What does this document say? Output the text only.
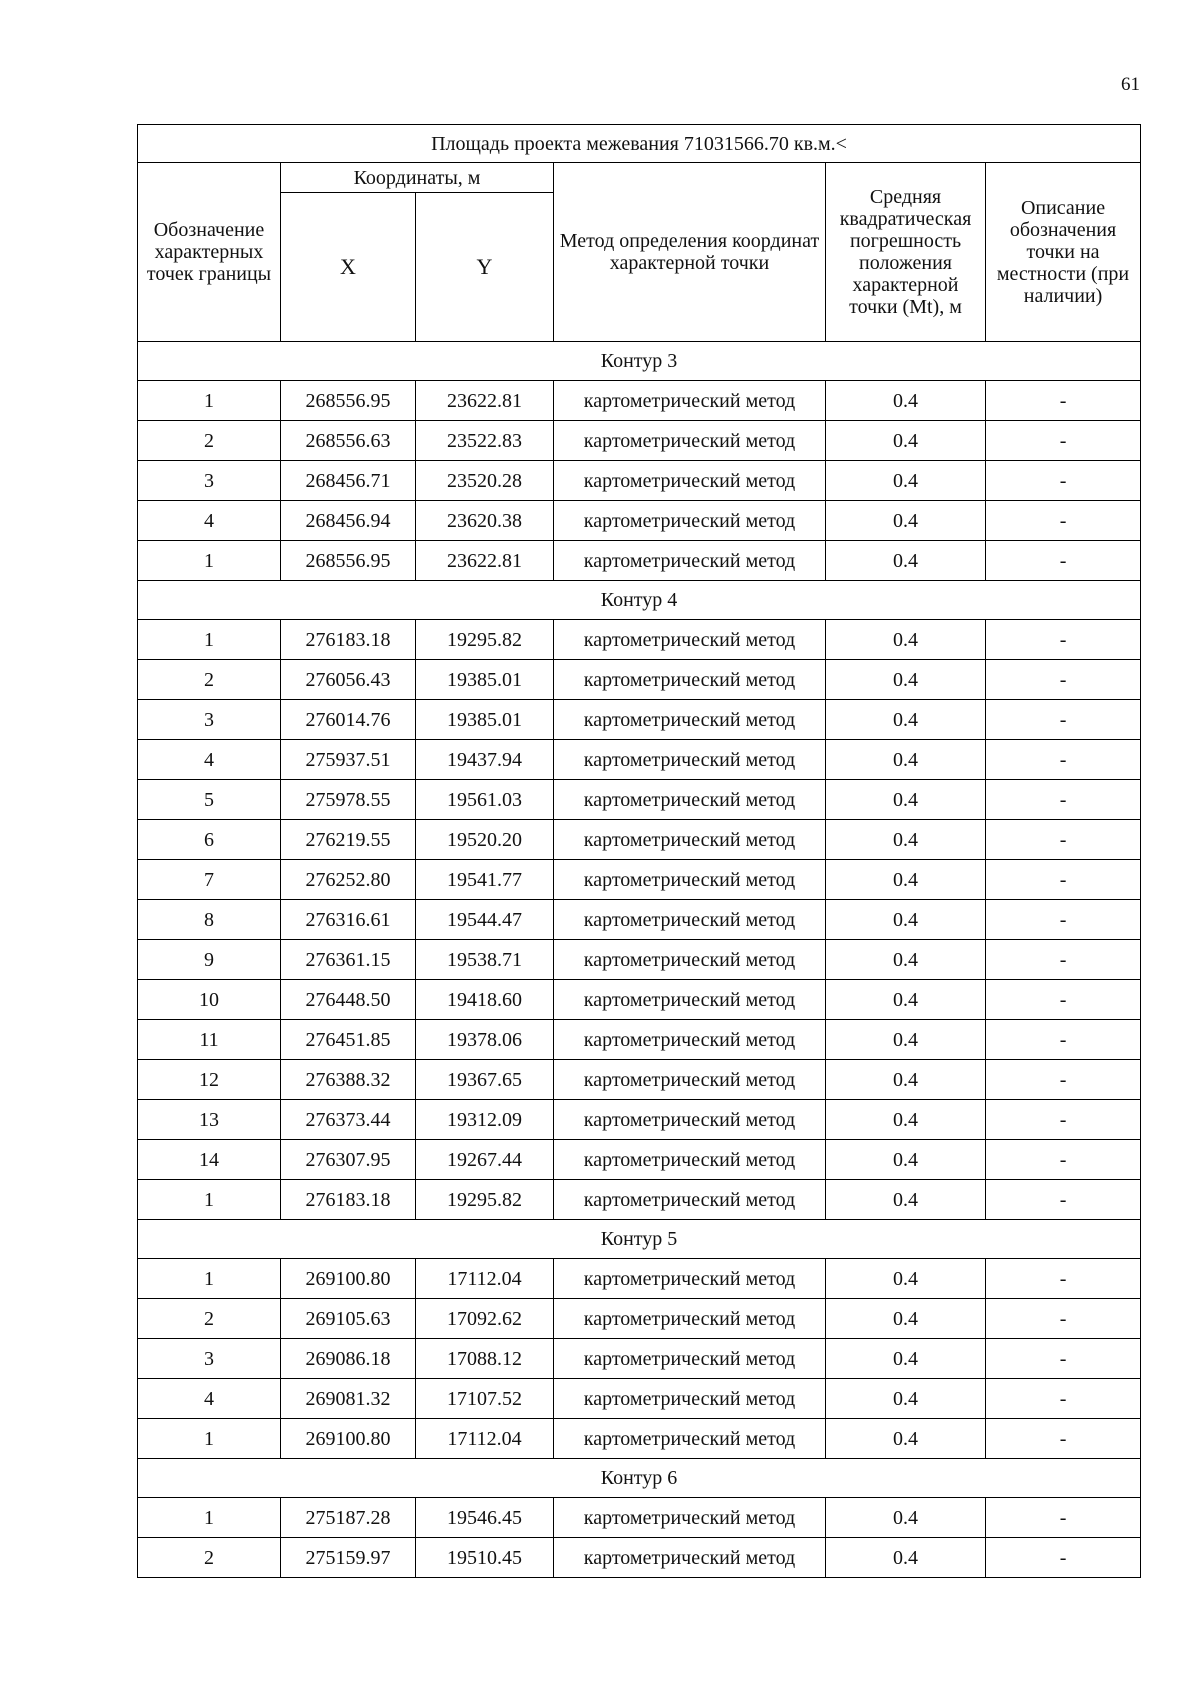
61
Площадь проекта межевания 71031566.70 кв.м.<					
Обозначение характерных точек границы	Координаты, м		Метод определения координат характерной точки	Средняя квадратическая погрешность положения характерной точки (Mt), м	Описание обозначения точки на местности (при наличии)
	X	Y			
Контур 3					
1	268556.95	23622.81	картометрический метод	0.4	-
2	268556.63	23522.83	картометрический метод	0.4	-
3	268456.71	23520.28	картометрический метод	0.4	-
4	268456.94	23620.38	картометрический метод	0.4	-
1	268556.95	23622.81	картометрический метод	0.4	-
Контур 4					
1	276183.18	19295.82	картометрический метод	0.4	-
2	276056.43	19385.01	картометрический метод	0.4	-
3	276014.76	19385.01	картометрический метод	0.4	-
4	275937.51	19437.94	картометрический метод	0.4	-
5	275978.55	19561.03	картометрический метод	0.4	-
6	276219.55	19520.20	картометрический метод	0.4	-
7	276252.80	19541.77	картометрический метод	0.4	-
8	276316.61	19544.47	картометрический метод	0.4	-
9	276361.15	19538.71	картометрический метод	0.4	-
10	276448.50	19418.60	картометрический метод	0.4	-
11	276451.85	19378.06	картометрический метод	0.4	-
12	276388.32	19367.65	картометрический метод	0.4	-
13	276373.44	19312.09	картометрический метод	0.4	-
14	276307.95	19267.44	картометрический метод	0.4	-
1	276183.18	19295.82	картометрический метод	0.4	-
Контур 5					
1	269100.80	17112.04	картометрический метод	0.4	-
2	269105.63	17092.62	картометрический метод	0.4	-
3	269086.18	17088.12	картометрический метод	0.4	-
4	269081.32	17107.52	картометрический метод	0.4	-
1	269100.80	17112.04	картометрический метод	0.4	-
Контур 6					
1	275187.28	19546.45	картометрический метод	0.4	-
2	275159.97	19510.45	картометрический метод	0.4	-
